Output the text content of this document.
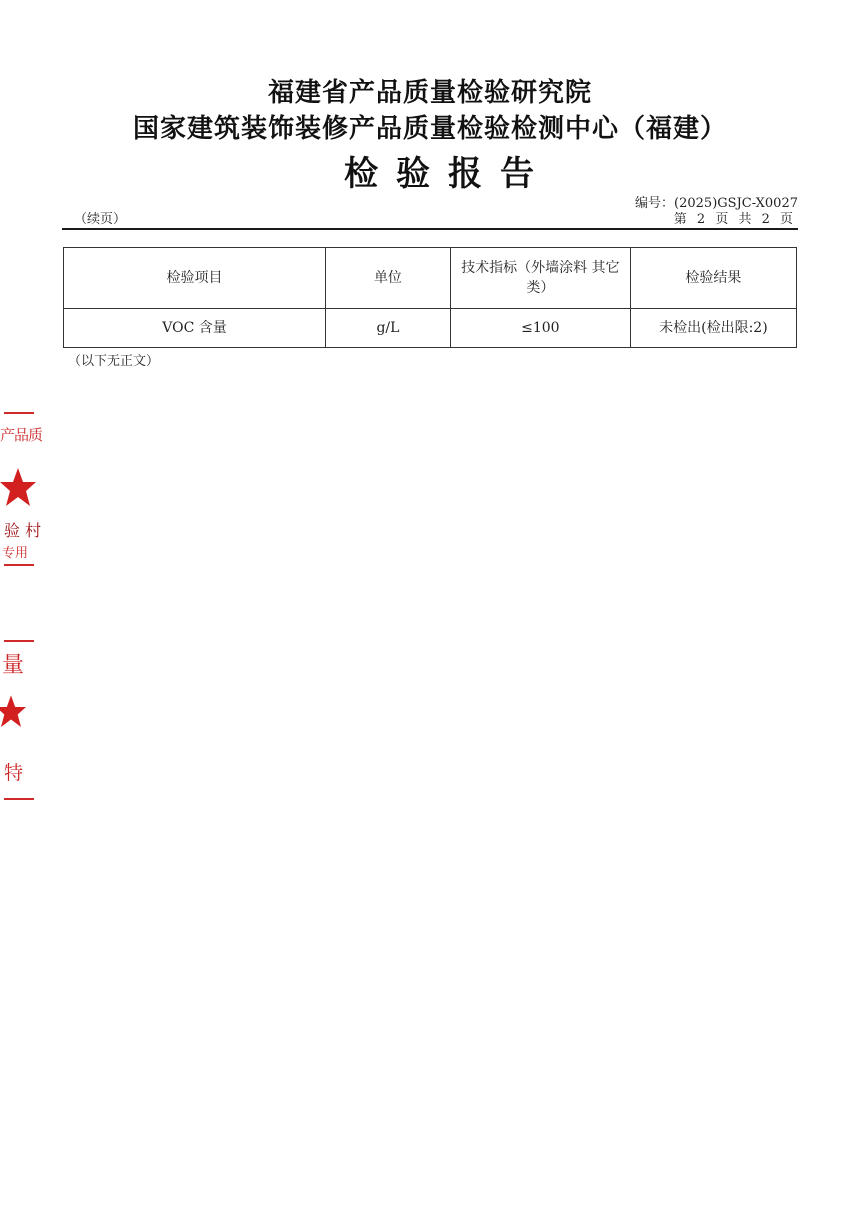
福建省产品质量检验研究院
国家建筑装饰装修产品质量检验检测中心（福建）
检验报告
编号：(2025)GSJC-X0027
（续页）	第 2 页 共 2 页
检验项目	单位	技术指标（外墙涂料 其它类）	检验结果
VOC 含量	g/L	≤100	未检出(检出限:2)
（以下无正文）
产品质
验 村
专用
量
特
